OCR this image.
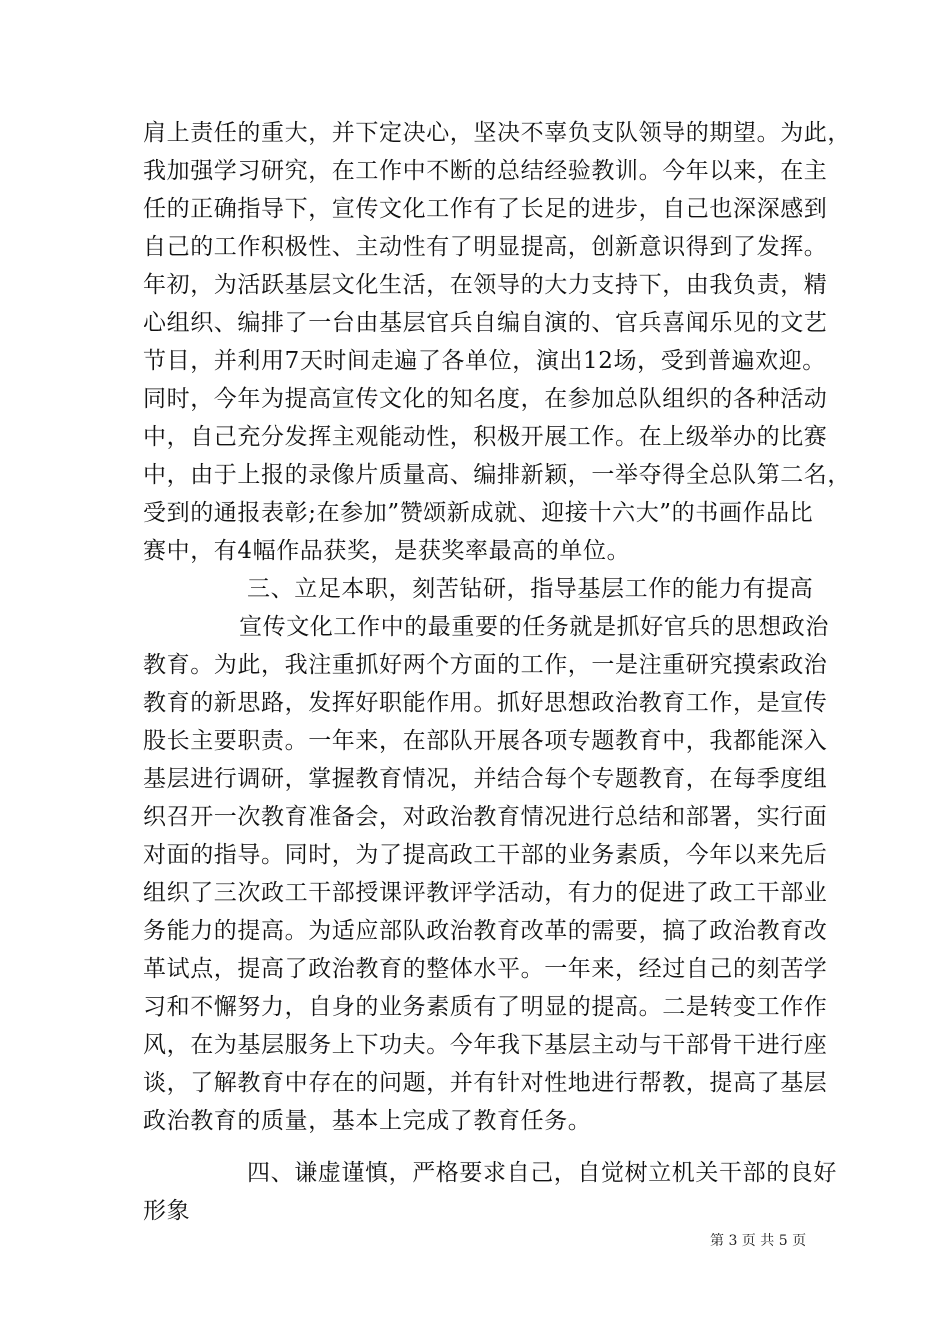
肩上责任的重大，并下定决心，坚决不辜负支队领导的期望。为此，
我加强学习研究，在工作中不断的总结经验教训。今年以来，在主
任的正确指导下，宣传文化工作有了长足的进步，自己也深深感到
自己的工作积极性、主动性有了明显提高，创新意识得到了发挥。
年初，为活跃基层文化生活，在领导的大力支持下，由我负责，精
心组织、编排了一台由基层官兵自编自演的、官兵喜闻乐见的文艺
节目，并利用7天时间走遍了各单位，演出12场，受到普遍欢迎。
同时，今年为提高宣传文化的知名度，在参加总队组织的各种活动
中，自己充分发挥主观能动性，积极开展工作。在上级举办的比赛
中，由于上报的录像片质量高、编排新颖，一举夺得全总队第二名，
受到的通报表彰;在参加”赞颂新成就、迎接十六大”的书画作品比
赛中，有4幅作品获奖，是获奖率最高的单位。
三、立足本职，刻苦钻研，指导基层工作的能力有提高
宣传文化工作中的最重要的任务就是抓好官兵的思想政治
教育。为此，我注重抓好两个方面的工作，一是注重研究摸索政治
教育的新思路，发挥好职能作用。抓好思想政治教育工作，是宣传
股长主要职责。一年来，在部队开展各项专题教育中，我都能深入
基层进行调研，掌握教育情况，并结合每个专题教育，在每季度组
织召开一次教育准备会，对政治教育情况进行总结和部署，实行面
对面的指导。同时，为了提高政工干部的业务素质，今年以来先后
组织了三次政工干部授课评教评学活动，有力的促进了政工干部业
务能力的提高。为适应部队政治教育改革的需要，搞了政治教育改
革试点，提高了政治教育的整体水平。一年来，经过自己的刻苦学
习和不懈努力，自身的业务素质有了明显的提高。二是转变工作作
风，在为基层服务上下功夫。今年我下基层主动与干部骨干进行座
谈，了解教育中存在的问题，并有针对性地进行帮教，提高了基层
政治教育的质量，基本上完成了教育任务。
四、谦虚谨慎，严格要求自己，自觉树立机关干部的良好
形象
第 3 页 共 5 页
